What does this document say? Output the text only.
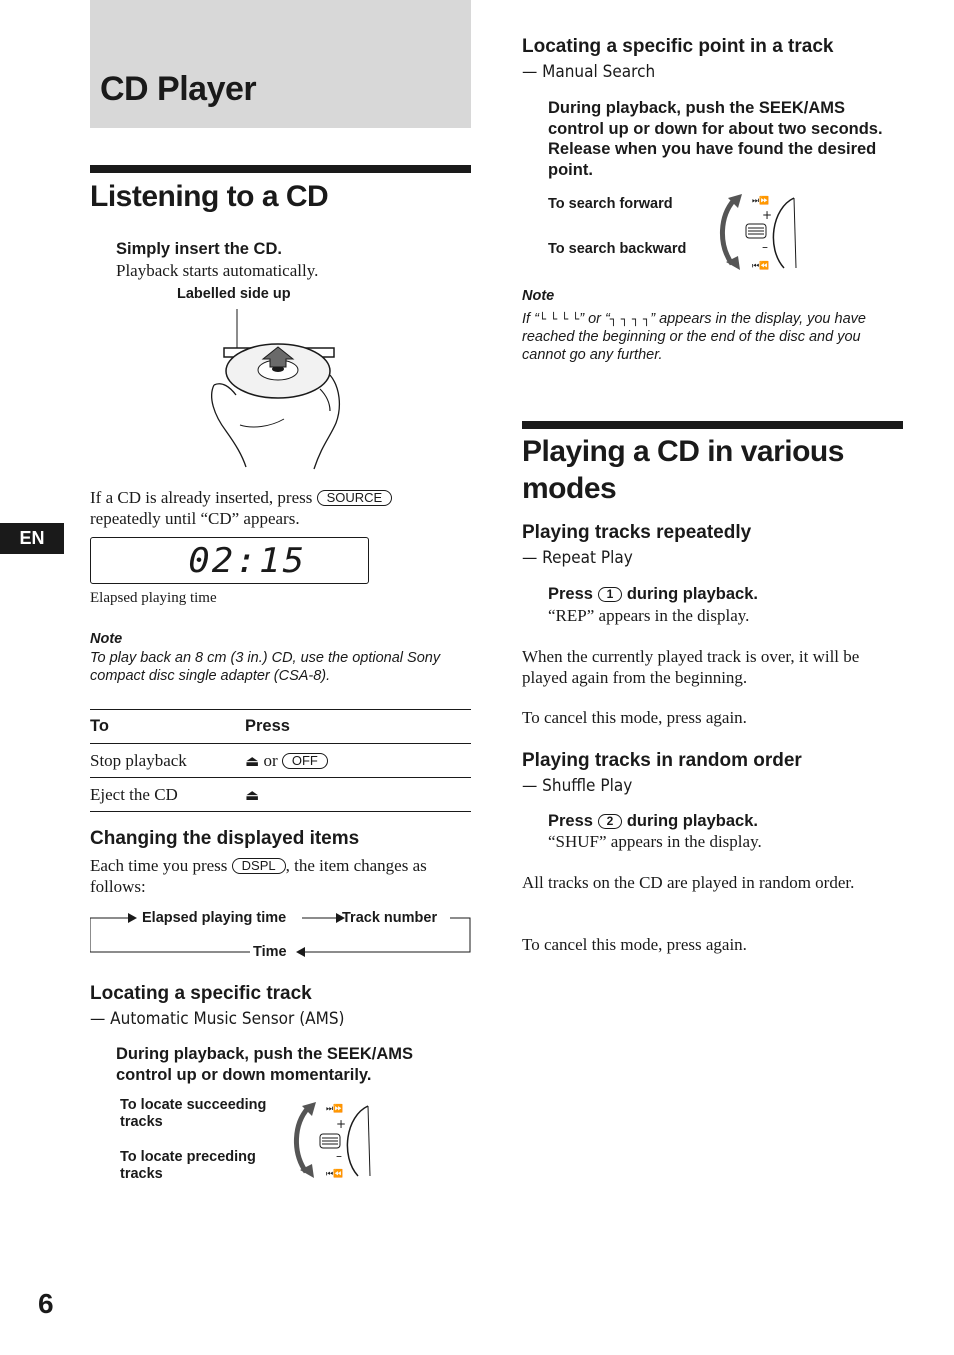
CD Player
EN
Listening to a CD
Simply insert the CD.
Playback starts automatically.
Labelled side up
If a CD is already inserted, press SOURCE
repeatedly until “CD” appears.
02:15
Elapsed playing time
Note
To play back an 8 cm (3 in.) CD, use the optional Sony compact disc single adapter (CSA-8).
To	Press
Stop playback	⏏ or OFF
Eject the CD	⏏
Changing the displayed items
Each time you press DSPL , the item changes as follows:
Elapsed playing time	Track number
Time
Locating a specific track
— Automatic Music Sensor (AMS)
During playback, push the SEEK/AMS control up or down momentarily.
To locate succeeding tracks
To locate preceding tracks
+
–
⏭⏩
⏮⏪
Locating a specific point in a track
— Manual Search
During playback, push the SEEK/AMS control up or down for about two seconds. Release when you have found the desired point.
To search forward
To search backward
+
–
⏭⏩
⏮⏪
Note
If “└ └ └ └” or “┐ ┐ ┐ ┐” appears in the display, you have reached the beginning or the end of the disc and you cannot go any further.
Playing a CD in various modes
Playing tracks repeatedly
— Repeat Play
Press 1 during playback.
“REP” appears in the display.
When the currently played track is over, it will be played again from the beginning.
To cancel this mode, press again.
Playing tracks in random order
— Shuffle Play
Press 2 during playback.
“SHUF” appears in the display.
All tracks on the CD are played in random order.
To cancel this mode, press again.
6
